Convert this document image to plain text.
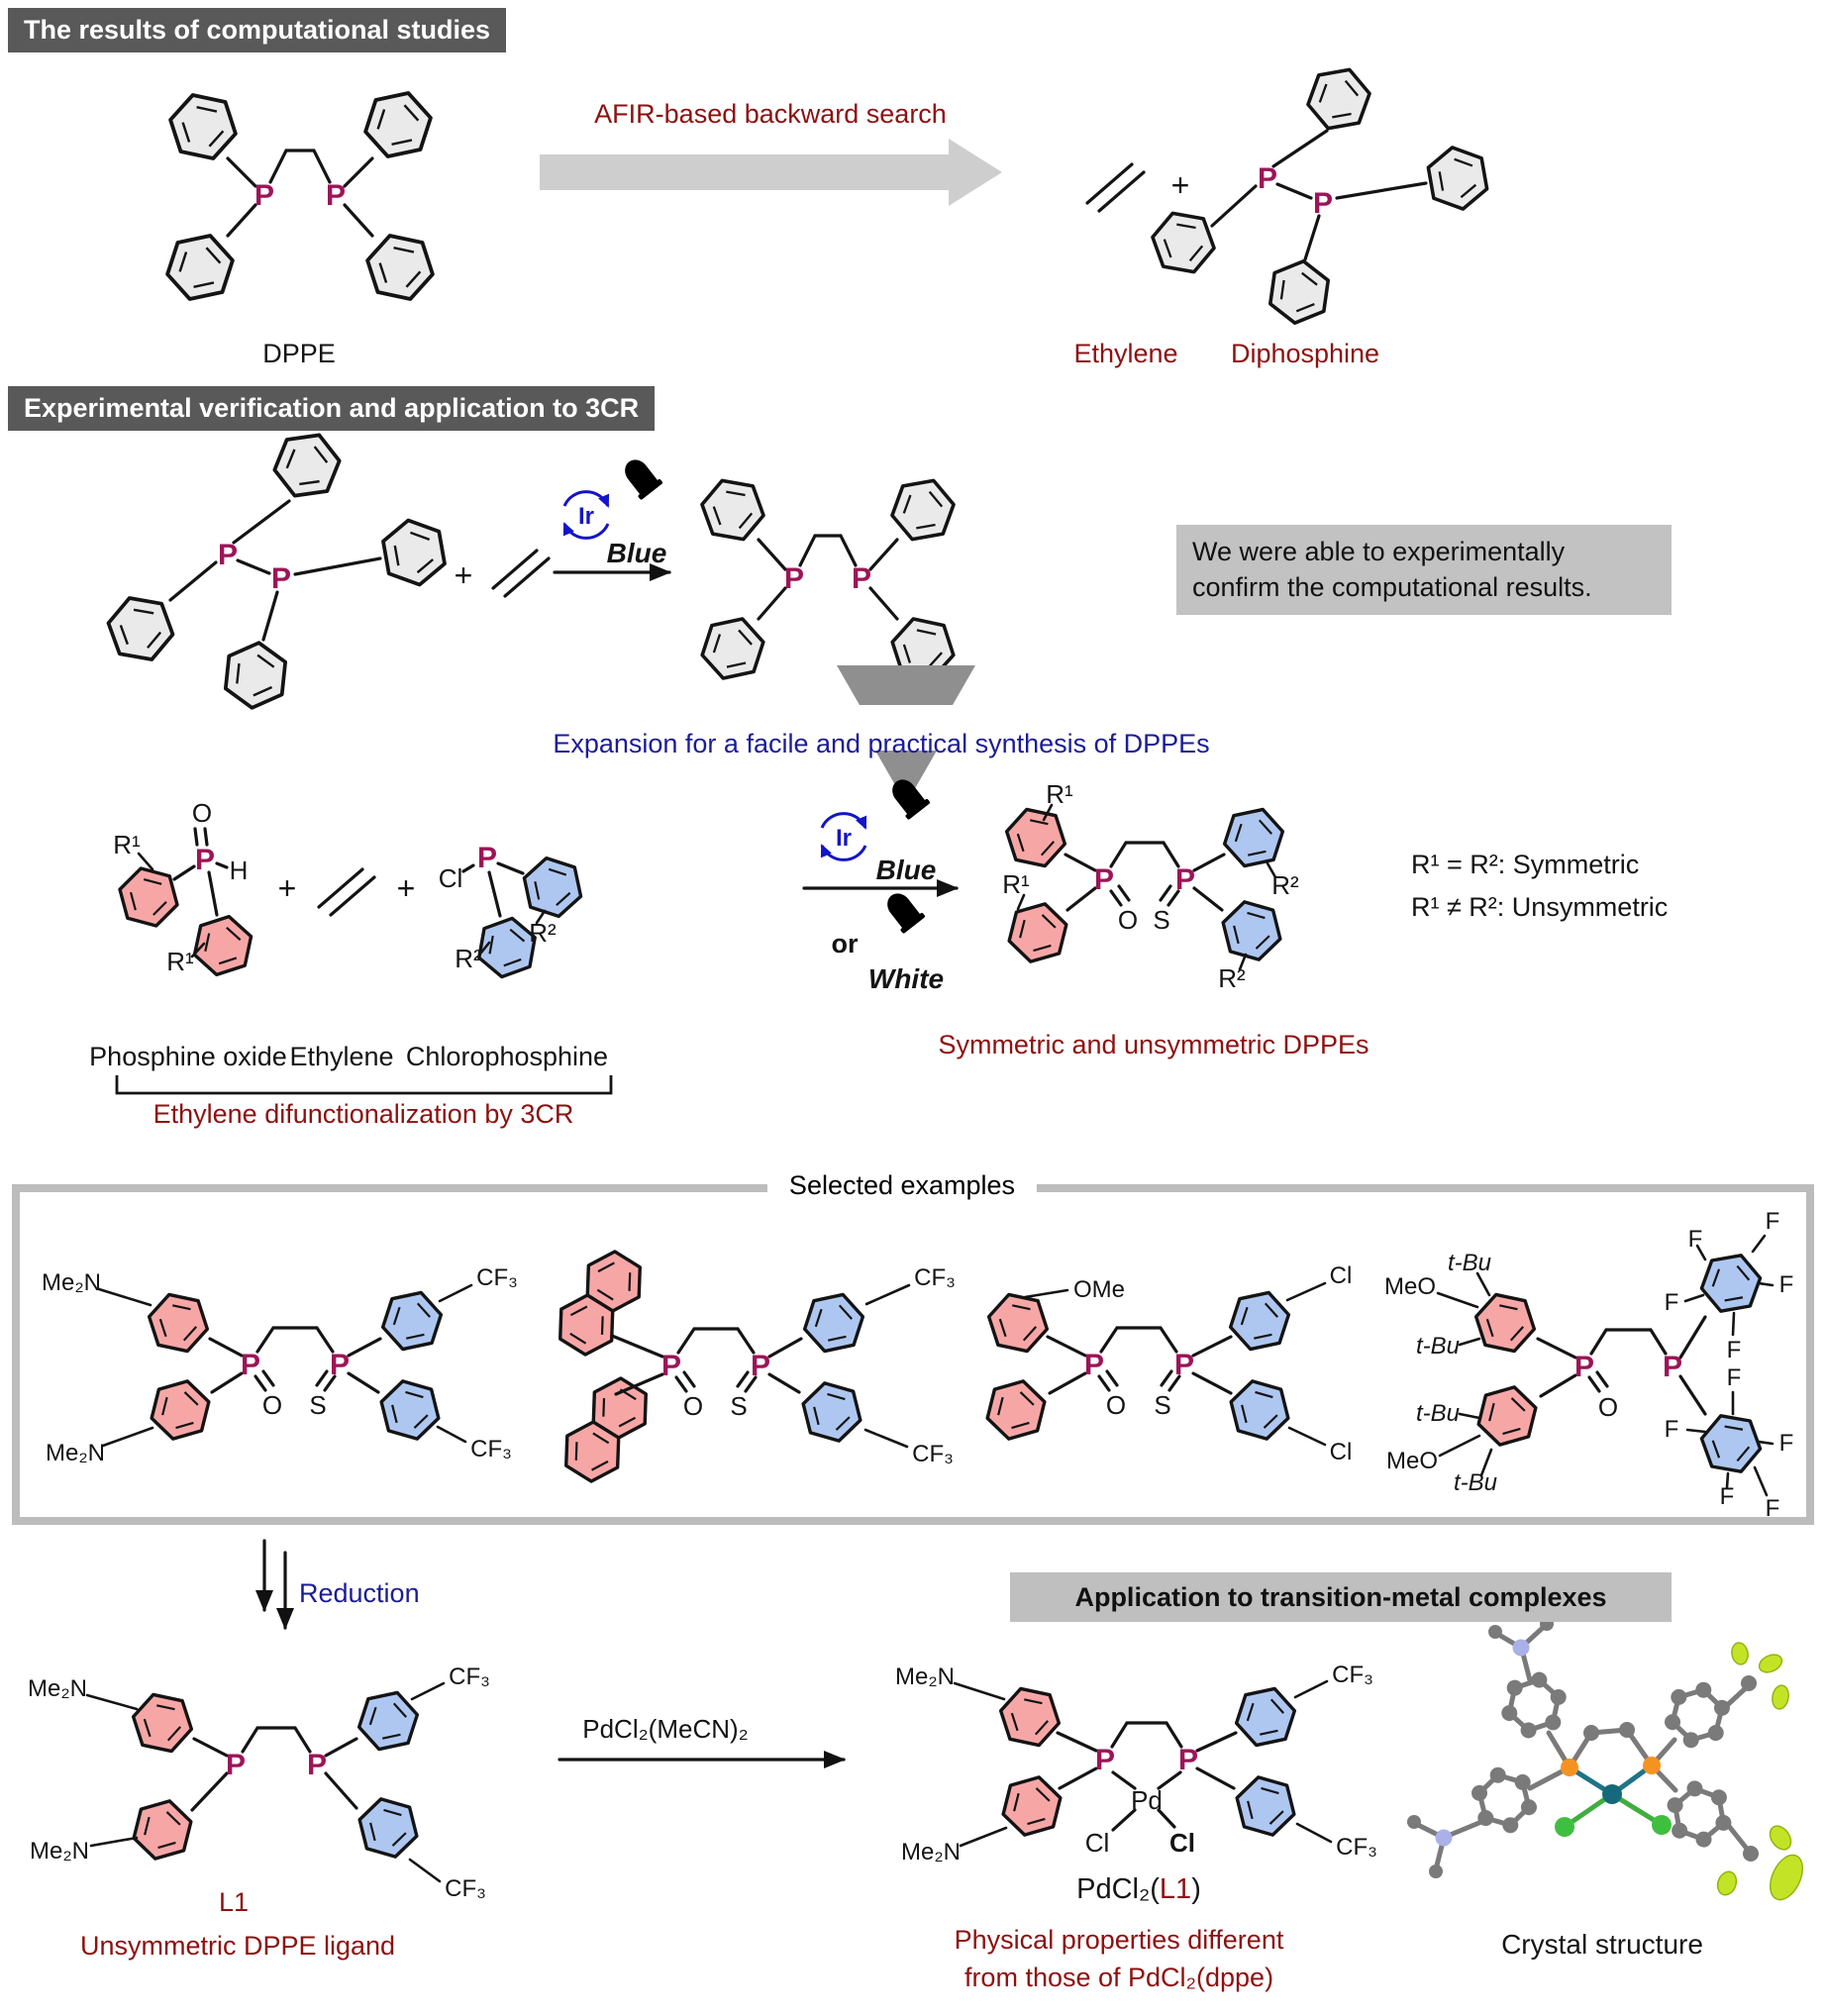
P P	+ P
P
P
P	+
Ir
Blue
P P
P
O
H
R¹
R¹
+	+ Cl
P
R²
R²
Ir
Blue
or
White
P P
O S
R¹
R¹	R²
R²
P P
O S
Me₂N
Me₂N
CF₃
CF₃
P P
O S
CF₃
CF₃
P P
O S
OMe
Cl
Cl
P P
O
t-Bu
MeO
t-Bu
t-Bu
MeO
t-Bu
F
F
F
F
F
F
F
F
F F
P P
Me₂N
Me₂N
CF₃
CF₃
PdCl₂(MeCN)₂
P P
Pd
Cl Cl
Me₂N
Me₂N
CF₃
CF₃
The results of computational studies
Experimental verification and application to 3CR
AFIR-based backward search
DPPE	Ethylene Diphosphine
We were able to experimentally
confirm the computational results.
Expansion for a facile and practical synthesis of DPPEs
Phosphine oxide Ethylene Chlorophosphine
Ethylene difunctionalization by 3CR
Symmetric and unsymmetric DPPEs
R¹ = R²: Symmetric
R¹ ≠ R²: Unsymmetric
Selected examples
Reduction
L1
Unsymmetric DPPE ligand
Application to transition-metal complexes
PdCl₂(L1)
Physical properties different
from those of PdCl₂(dppe)
Crystal structure
